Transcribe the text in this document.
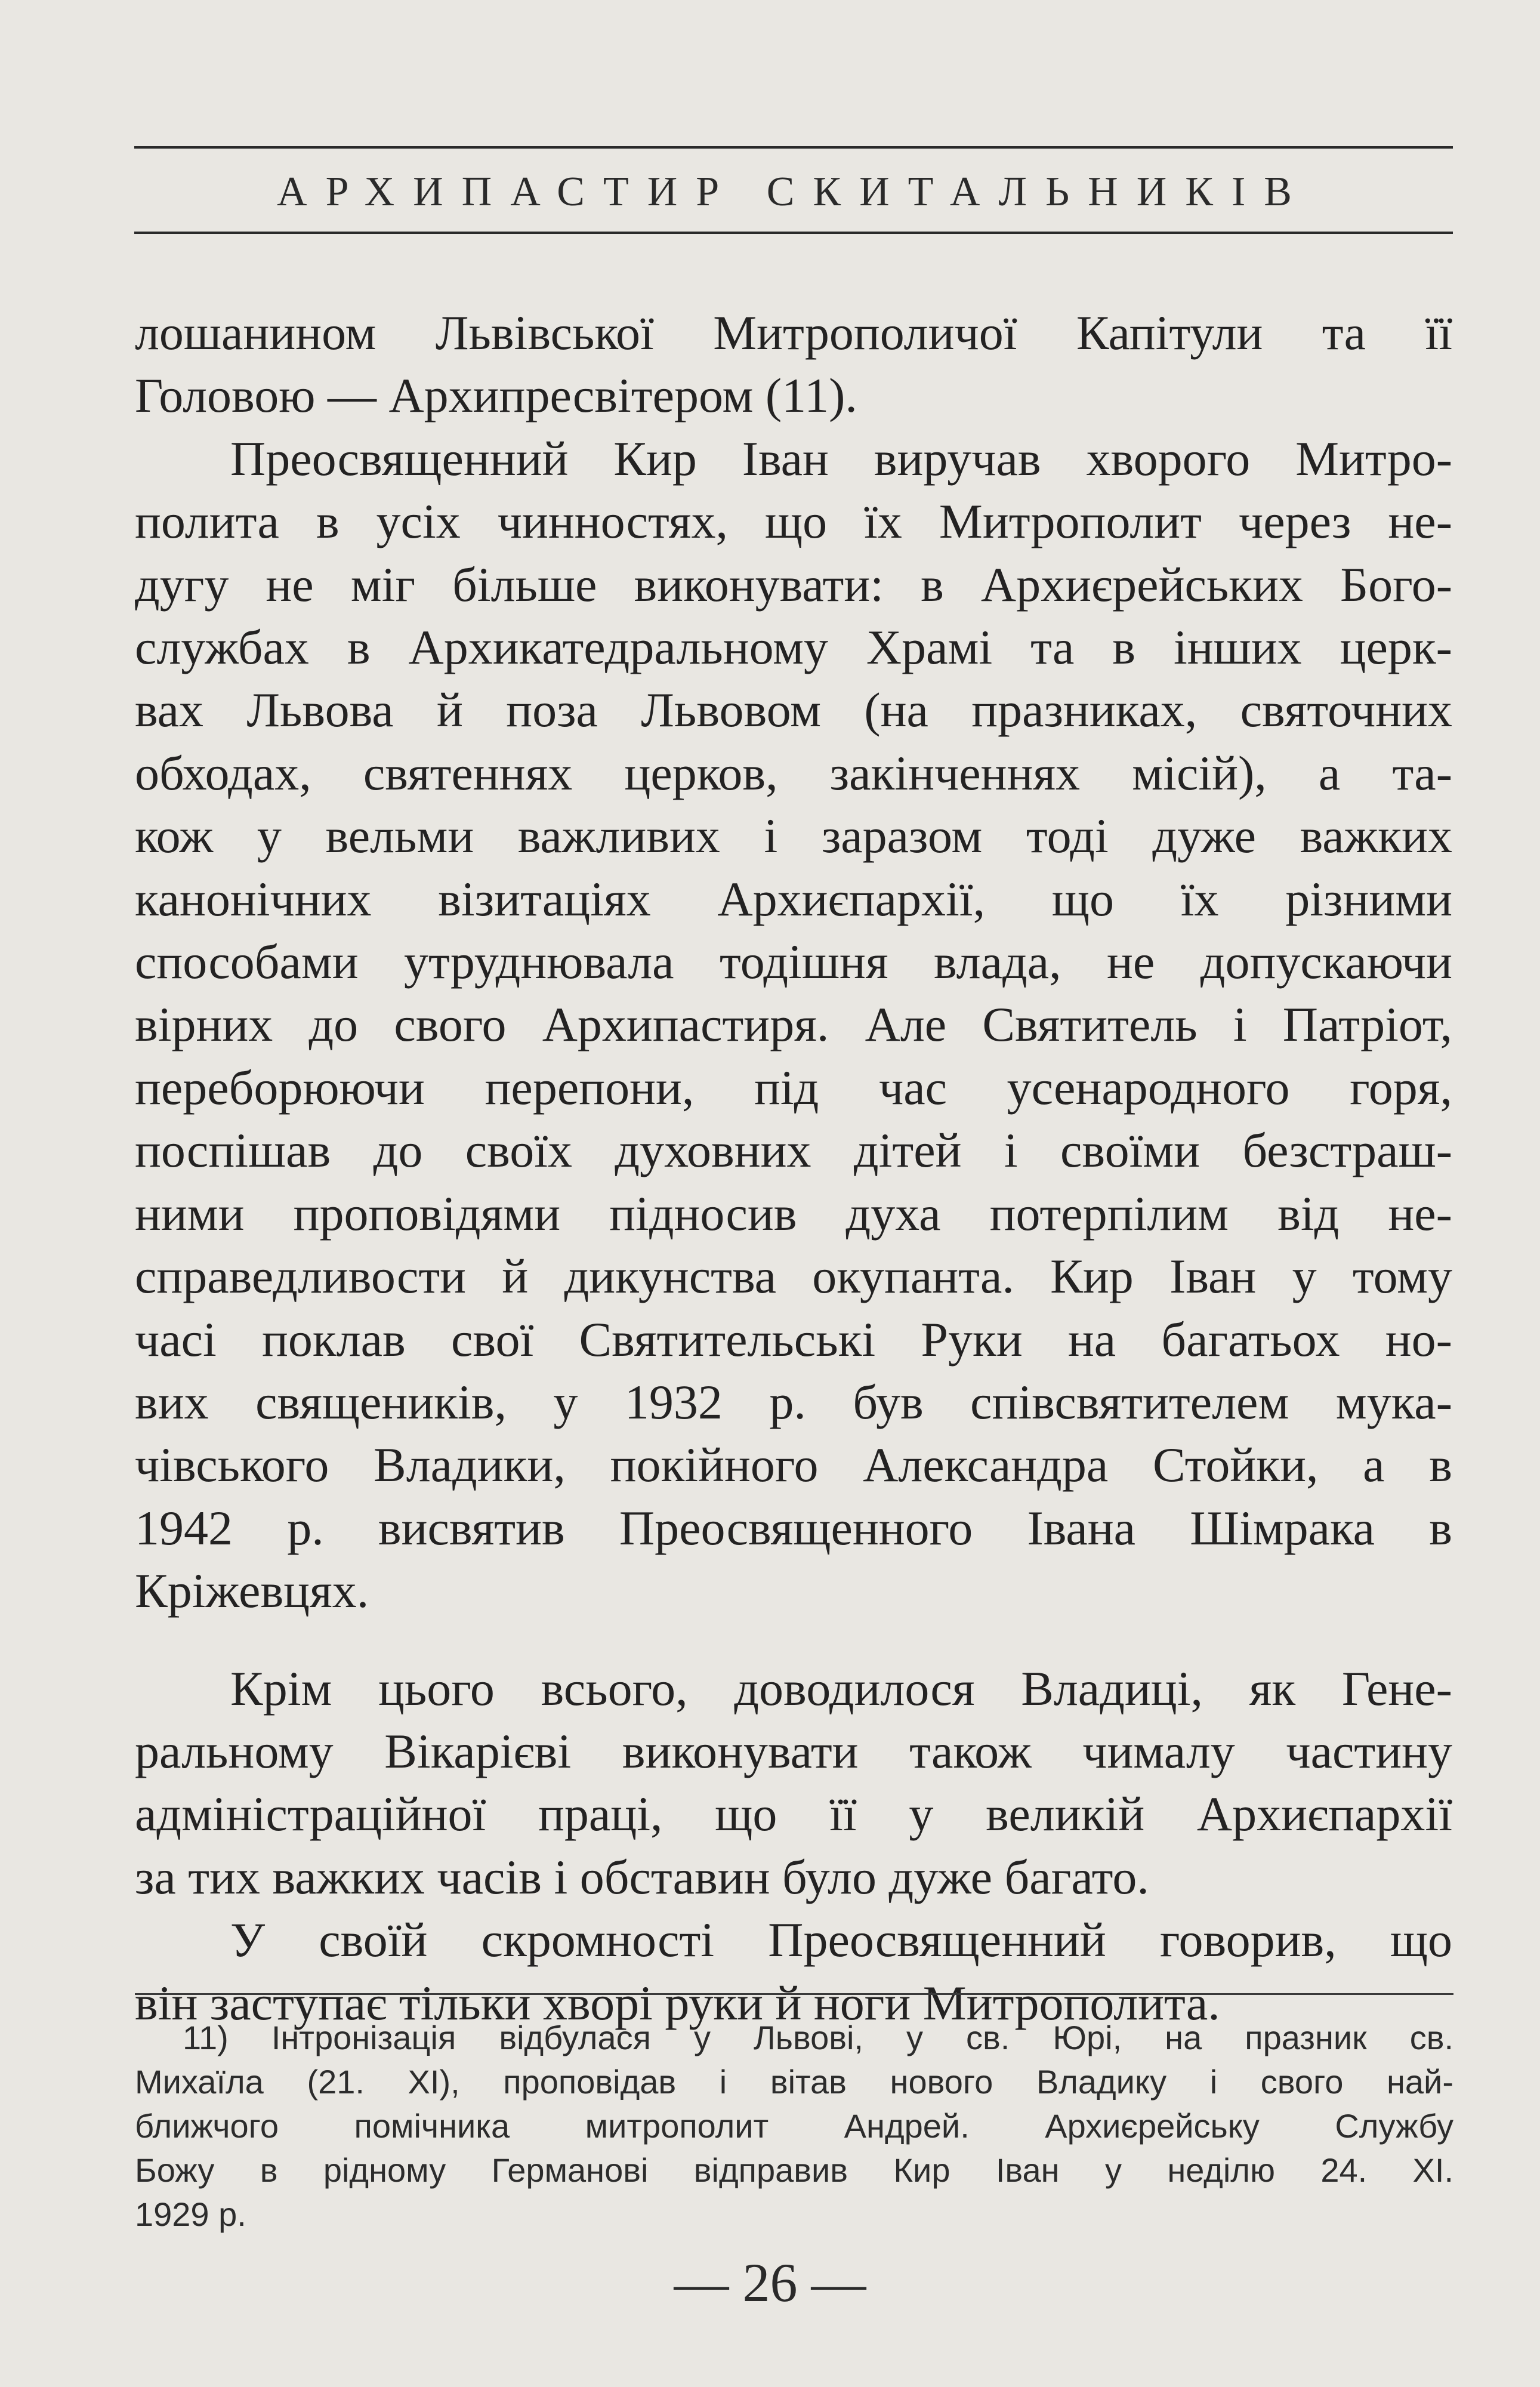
АРХИПАСТИР СКИТАЛЬНИКІВ

лошанином Львівської Митрополичої Капітули та її

Головою — Архипресвітером (11).

Преосвященний Кир Іван виручав хворого Митро-

полита в усіх чинностях, що їх Митрополит через не-

дугу не міг більше виконувати: в Архиєрейських Бого-

службах в Архикатедральному Храмі та в інших церк-

вах Львова й поза Львовом (на празниках, святочних

обходах, святеннях церков, закінченнях місій), а та-

кож у вельми важливих і заразом тоді дуже важких

канонічних візитаціях Архиєпархії, що їх різними

способами утруднювала тодішня влада, не допускаючи

вірних до свого Архипастиря. Але Святитель і Патріот,

переборюючи перепони, під час усенародного горя,

поспішав до своїх духовних дітей і своїми безстраш-

ними проповідями підносив духа потерпілим від не-

справедливости й дикунства окупанта. Кир Іван у тому

часі поклав свої Святительські Руки на багатьох но-

вих священиків, у 1932 р. був співсвятителем мука-

чівського Владики, покійного Александра Стойки, а в

1942 р. висвятив Преосвященного Івана Шімрака в

Кріжевцях.

Крім цього всього, доводилося Владиці, як Гене-

ральному Вікарієві виконувати також чималу частину

адміністраційної праці, що її у великій Архиєпархії

за тих важких часів і обставин було дуже багато.

У своїй скромності Преосвященний говорив, що

він заступає тільки хворі руки й ноги Митрополита.

11) Інтронізація відбулася у Львові, у св. Юрі, на празник св.

Михаїла (21. XI), проповідав і вітав нового Владику і свого най-

ближчого помічника митрополит Андрей. Архиєрейську Службу

Божу в рідному Германові відправив Кир Іван у неділю 24. XI.

1929 р.

— 26 —
